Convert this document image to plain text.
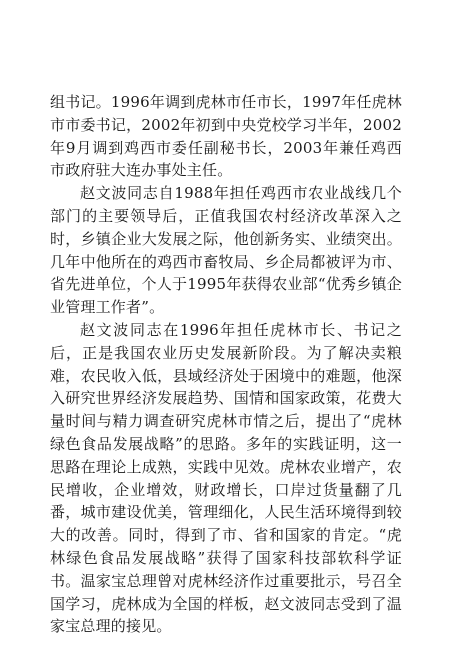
组书记。1996年调到虎林市任市长，1997年任虎林市市委书记，2002年初到中央党校学习半年，2002年9月调到鸡西市委任副秘书长，2003年兼任鸡西市政府驻大连办事处主任。

赵文波同志自1988年担任鸡西市农业战线几个部门的主要领导后，正值我国农村经济改革深入之时，乡镇企业大发展之际，他创新务实、业绩突出。几年中他所在的鸡西市畜牧局、乡企局都被评为市、省先进单位，个人于1995年获得农业部“优秀乡镇企业管理工作者”。

赵文波同志在1996年担任虎林市长、书记之后，正是我国农业历史发展新阶段。为了解决卖粮难，农民收入低，县域经济处于困境中的难题，他深入研究世界经济发展趋势、国情和国家政策，花费大量时间与精力调查研究虎林市情之后，提出了“虎林绿色食品发展战略”的思路。多年的实践证明，这一思路在理论上成熟，实践中见效。虎林农业增产，农民增收，企业增效，财政增长，口岸过货量翻了几番，城市建设优美，管理细化，人民生活环境得到较大的改善。同时，得到了市、省和国家的肯定。“虎林绿色食品发展战略”获得了国家科技部软科学证书。温家宝总理曾对虎林经济作过重要批示，号召全国学习，虎林成为全国的样板，赵文波同志受到了温家宝总理的接见。
